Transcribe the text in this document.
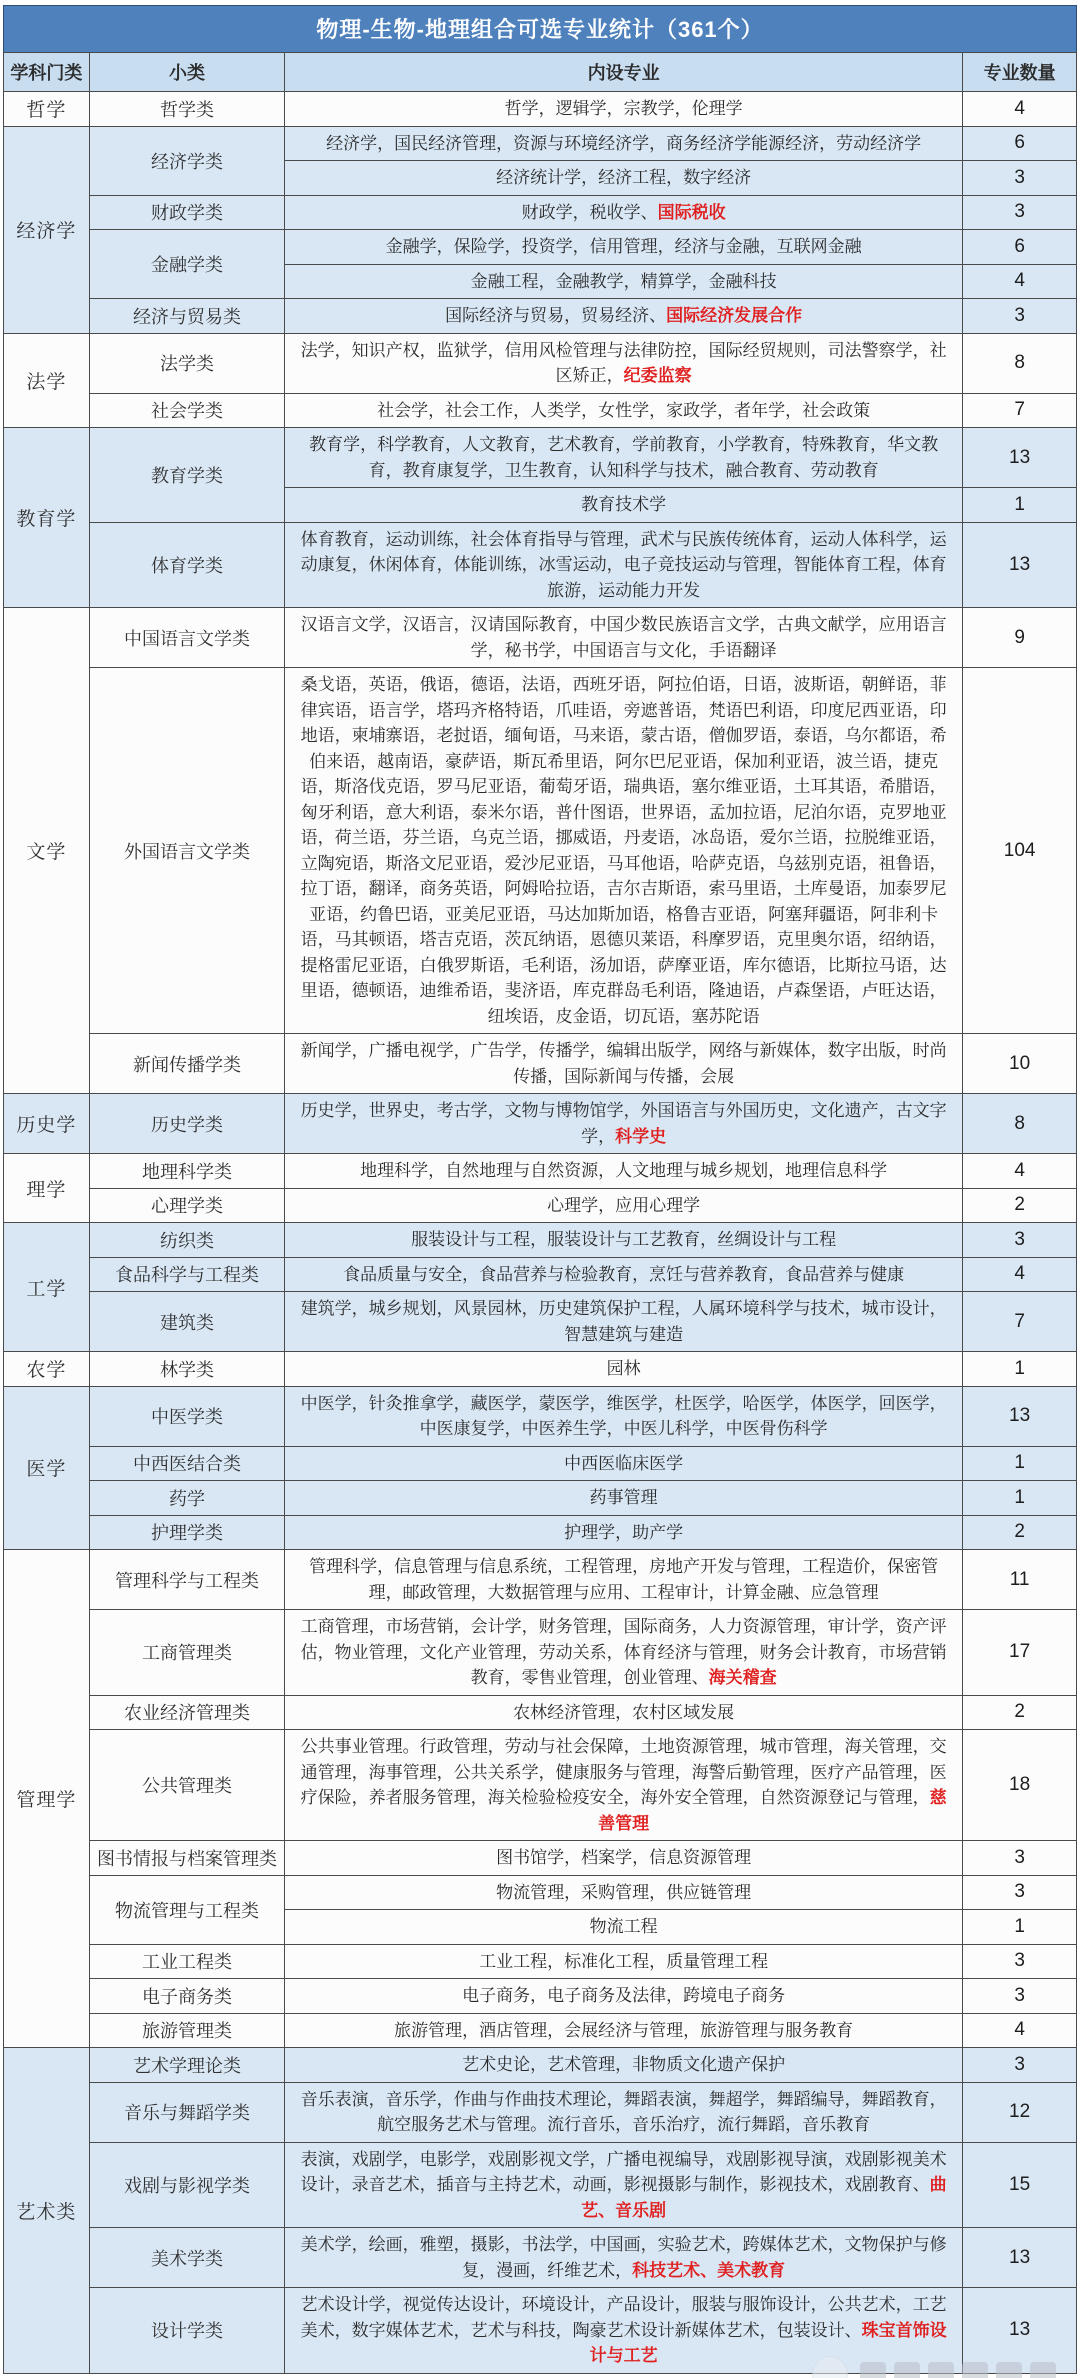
物理-生物-地理组合可选专业统计（361个）
学科门类	小类	内设专业	专业数量
哲学	哲学类	哲学，逻辑学，宗教学，伦理学	4
经济学	经济学类	经济学，国民经济管理，资源与环境经济学，商务经济学能源经济，劳动经济学	6
		经济统计学，经济工程，数字经济	3
	财政学类	财政学，税收学、国际税收	3
	金融学类	金融学，保险学，投资学，信用管理，经济与金融，互联网金融	6
		金融工程，金融教学，精算学，金融科技	4
	经济与贸易类	国际经济与贸易，贸易经济、国际经济发展合作	3
法学	法学类	法学，知识产权，监狱学，信用风检管理与法律防控，国际经贸规则，司法警察学，社区矫正，纪委监察	8
	社会学类	社会学，社会工作，人类学，女性学，家政学，者年学，社会政策	7
教育学	教育学类	教育学，科学教育，人文教育，艺术教育，学前教育，小学教育，特殊教育，华文教育，教育康复学，卫生教育，认知科学与技术，融合教育、劳动教育	13
		教育技术学	1
	体育学类	体育教育，运动训练，社会体育指导与管理，武术与民族传统体育，运动人体科学，运动康复，休闲体育，体能训练，冰雪运动，电子竞技运动与管理，智能体育工程，体育旅游，运动能力开发	13
文学	中国语言文学类	汉语言文学，汉语言，汉请国际教育，中国少数民族语言文学，古典文献学，应用语言学，秘书学，中国语言与文化，手语翻译	9
	外国语言文学类	桑戈语，英语，俄语，德语，法语，西班牙语，阿拉伯语，日语，波斯语，朝鲜语，菲律宾语，语言学，塔玛齐格特语，爪哇语，旁遮普语，梵语巴利语，印度尼西亚语，印地语，柬埔寨语，老挝语，缅甸语，马来语，蒙古语，僧伽罗语，泰语，乌尔都语，希伯来语，越南语，豪萨语，斯瓦希里语，阿尔巴尼亚语，保加利亚语，波兰语，捷克语，斯洛伐克语，罗马尼亚语，葡萄牙语，瑞典语，塞尔维亚语，土耳其语，希腊语，匈牙利语，意大利语，泰米尔语，普什图语，世界语，孟加拉语，尼泊尔语，克罗地亚语，荷兰语，芬兰语，乌克兰语，挪威语，丹麦语，冰岛语，爱尔兰语，拉脱维亚语，立陶宛语，斯洛文尼亚语，爱沙尼亚语，马耳他语，哈萨克语，乌兹别克语，祖鲁语，拉丁语，翻译，商务英语，阿姆哈拉语，吉尔吉斯语，索马里语，土库曼语，加泰罗尼亚语，约鲁巴语，亚美尼亚语，马达加斯加语，格鲁吉亚语，阿塞拜疆语，阿非利卡语，马其顿语，塔吉克语，茨瓦纳语，恩德贝莱语，科摩罗语，克里奥尔语，绍纳语，提格雷尼亚语，白俄罗斯语，毛利语，汤加语，萨摩亚语，库尔德语，比斯拉马语，达里语，德顿语，迪维希语，斐济语，库克群岛毛利语，隆迪语，卢森堡语，卢旺达语，纽埃语，皮金语，切瓦语，塞苏陀语	104
	新闻传播学类	新闻学，广播电视学，广告学，传播学，编辑出版学，网络与新媒体，数字出版，时尚传播，国际新闻与传播，会展	10
历史学	历史学类	历史学，世界史，考古学，文物与博物馆学，外国语言与外国历史，文化遗产，古文字学，科学史	8
理学	地理科学类	地理科学，自然地理与自然资源，人文地理与城乡规划，地理信息科学	4
	心理学类	心理学，应用心理学	2
工学	纺织类	服装设计与工程，服装设计与工艺教育，丝绸设计与工程	3
	食品科学与工程类	食品质量与安全，食品营养与检验教育，烹饪与营养教育，食品营养与健康	4
	建筑类	建筑学，城乡规划，风景园林，历史建筑保护工程，人属环境科学与技术，城市设计，智慧建筑与建造	7
农学	林学类	园林	1
医学	中医学类	中医学，针灸推拿学，藏医学，蒙医学，维医学，杜医学，哈医学，体医学，回医学，中医康复学，中医养生学，中医儿科学，中医骨伤科学	13
	中西医结合类	中西医临床医学	1
	药学	药事管理	1
	护理学类	护理学，助产学	2
管理学	管理科学与工程类	管理科学，信息管理与信息系统，工程管理，房地产开发与管理，工程造价，保密管理，邮政管理，大数据管理与应用、工程审计，计算金融、应急管理	11
	工商管理类	工商管理，市场营销，会计学，财务管理，国际商务，人力资源管理，审计学，资产评估，物业管理，文化产业管理，劳动关系，体育经济与管理，财务会计教育，市场营销教育，零售业管理，创业管理、海关稽查	17
	农业经济管理类	农林经济管理，农村区域发展	2
	公共管理类	公共事业管理。行政管理，劳动与社会保障，土地资源管理，城市管理，海关管理，交通管理，海事管理，公共关系学，健康服务与管理，海警后勤管理，医疗产品管理，医疗保险，养者服务管理，海关检验检疫安全，海外安全管理，自然资源登记与管理，慈善管理	18
	图书情报与档案管理类	图书馆学，档案学，信息资源管理	3
	物流管理与工程类	物流管理，采购管理，供应链管理	3
		物流工程	1
	工业工程类	工业工程，标准化工程，质量管理工程	3
	电子商务类	电子商务，电子商务及法律，跨境电子商务	3
	旅游管理类	旅游管理，酒店管理，会展经济与管理，旅游管理与服务教育	4
艺术类	艺术学理论类	艺术史论，艺术管理，非物质文化遗产保护	3
	音乐与舞蹈学类	音乐表演，音乐学，作曲与作曲技术理论，舞蹈表演，舞超学，舞蹈编导，舞蹈教育，航空服务艺术与管理。流行音乐，音乐治疗，流行舞蹈，音乐教育	12
	戏剧与影视学类	表演，戏剧学，电影学，戏剧影视文学，广播电视编导，戏剧影视导演，戏剧影视美术设计，录音艺术，插音与主持艺术，动画，影视摄影与制作，影视技术，戏剧教育、曲艺、音乐剧	15
	美术学类	美术学，绘画，雅塑，摄影，书法学，中国画，实验艺术，跨媒体艺术，文物保护与修复，漫画，纤维艺术，科技艺术、美术教育	13
	设计学类	艺术设计学，视觉传达设计，环境设计，产品设计，服装与服饰设计，公共艺术，工艺美术，数字媒体艺术，艺术与科技，陶豪艺术设计新媒体艺术，包装设计、珠宝首饰设计与工艺	13
